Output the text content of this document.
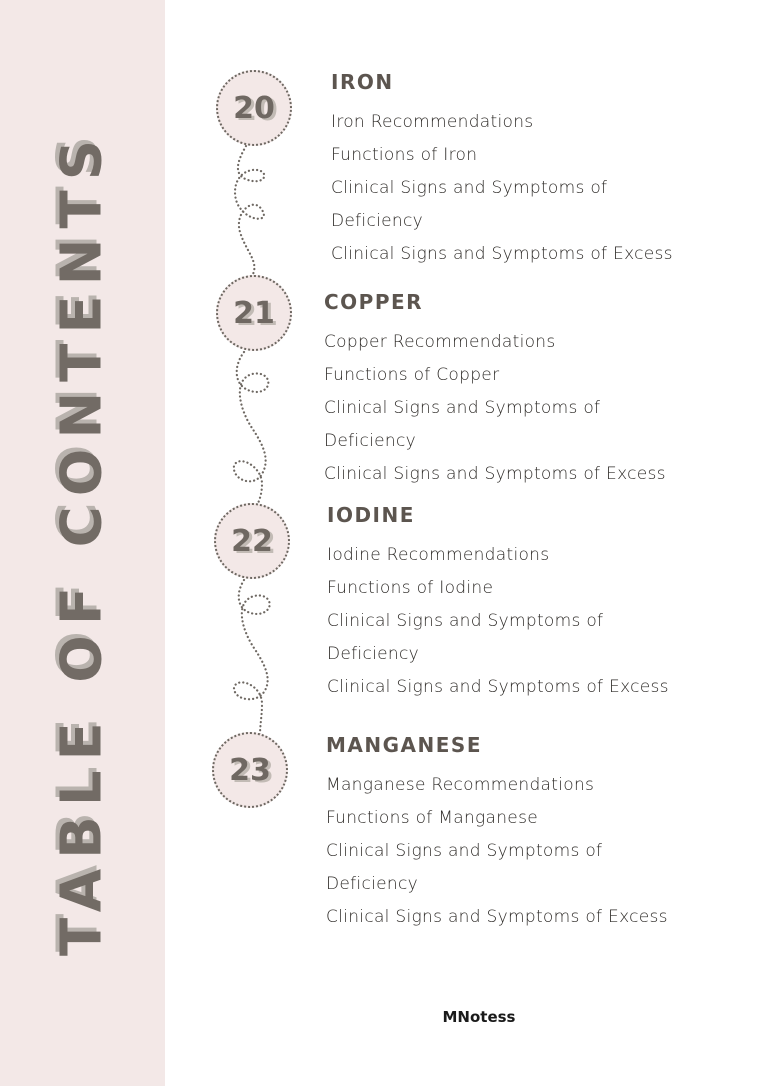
TABLE OF CONTENTS
20
21
22
23
IRON
Iron Recommendations
Functions of Iron
Clinical Signs and Symptoms of
Deficiency
Clinical Signs and Symptoms of Excess
COPPER
Copper Recommendations
Functions of Copper
Clinical Signs and Symptoms of
Deficiency
Clinical Signs and Symptoms of Excess
IODINE
Iodine Recommendations
Functions of Iodine
Clinical Signs and Symptoms of
Deficiency
Clinical Signs and Symptoms of Excess
MANGANESE
Manganese Recommendations
Functions of Manganese
Clinical Signs and Symptoms of
Deficiency
Clinical Signs and Symptoms of Excess
MNotess
